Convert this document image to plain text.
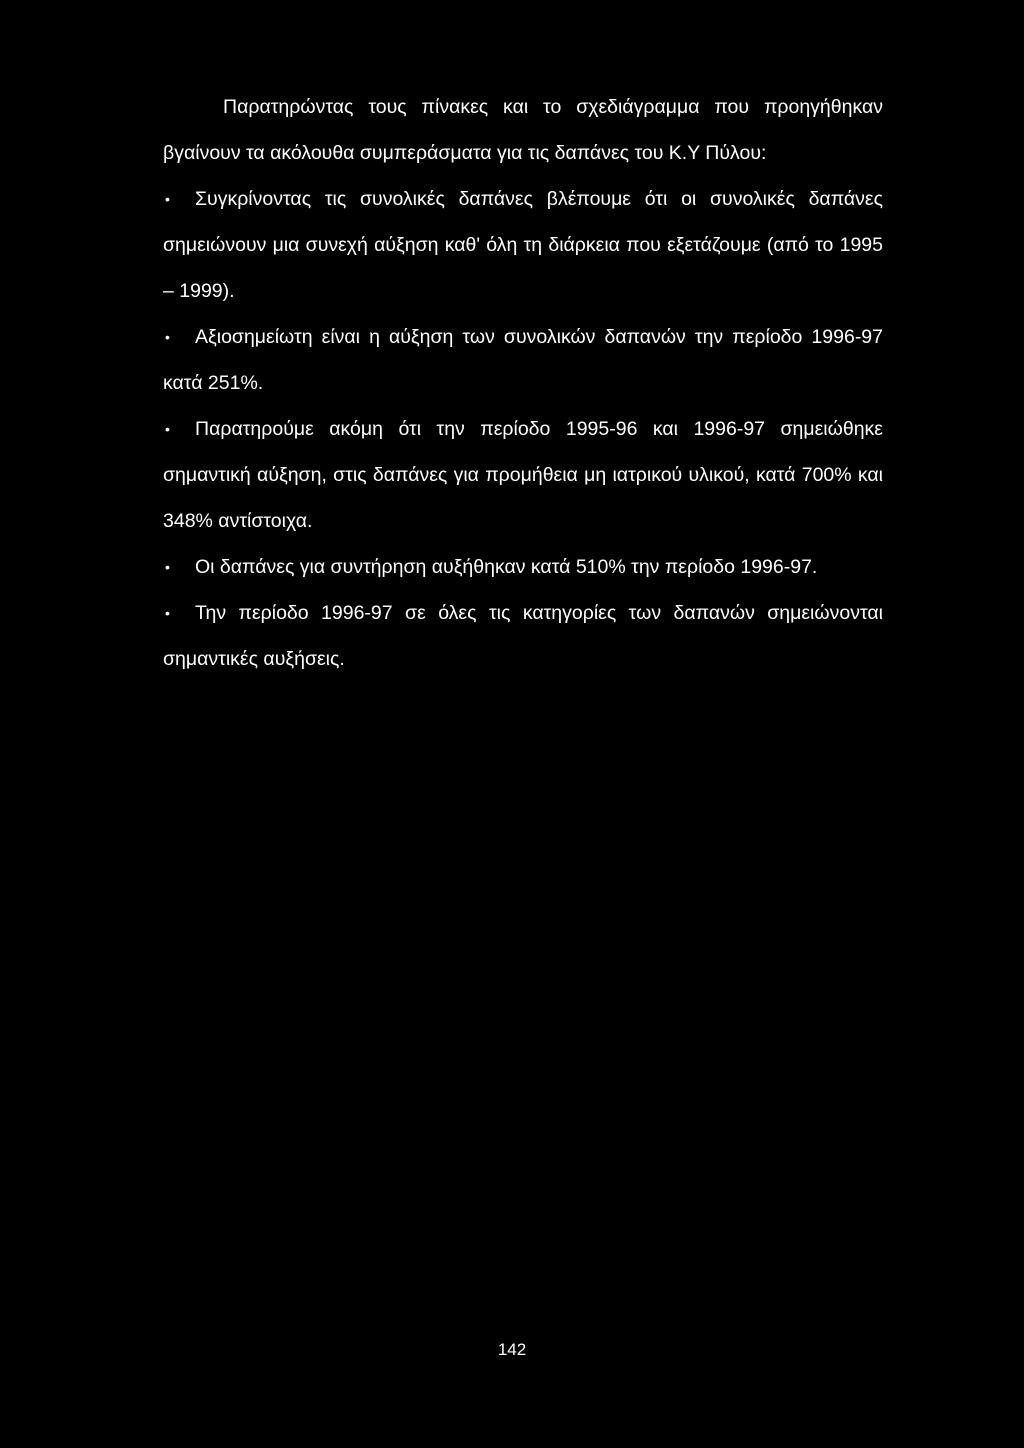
Παρατηρώντας τους πίνακες και το σχεδιάγραμμα που προηγήθηκαν βγαίνουν τα ακόλουθα συμπεράσματα για τις δαπάνες του Κ.Υ Πύλου:

• Συγκρίνοντας τις συνολικές δαπάνες βλέπουμε ότι οι συνολικές δαπάνες σημειώνουν μια συνεχή αύξηση καθ' όλη τη διάρκεια που εξετάζουμε (από το 1995 – 1999).
• Αξιοσημείωτη είναι η αύξηση των συνολικών δαπανών την περίοδο 1996-97 κατά 251%.
• Παρατηρούμε ακόμη ότι την περίοδο 1995-96 και 1996-97 σημειώθηκε σημαντική αύξηση, στις δαπάνες για προμήθεια μη ιατρικού υλικού, κατά 700% και 348% αντίστοιχα.
• Οι δαπάνες για συντήρηση αυξήθηκαν κατά 510% την περίοδο 1996-97.
• Την περίοδο 1996-97 σε όλες τις κατηγορίες των δαπανών σημειώνονται σημαντικές αυξήσεις.
142
